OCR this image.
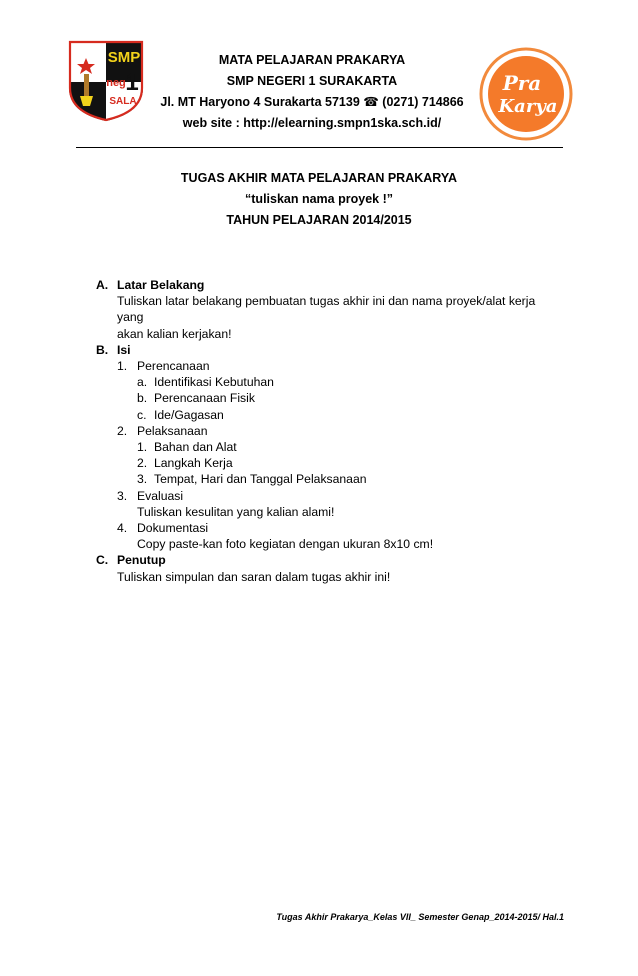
SMP
neg 1
SALA
MATA PELAJARAN PRAKARYA
SMP NEGERI 1 SURAKARTA
Jl. MT Haryono 4 Surakarta 57139 ☎ (0271) 714866
web site : http://elearning.smpn1ska.sch.id/
Pra
Karya
TUGAS AKHIR MATA PELAJARAN PRAKARYA
“tuliskan nama proyek !”
TAHUN PELAJARAN 2014/2015
A. Latar Belakang
Tuliskan latar belakang pembuatan tugas akhir ini dan nama proyek/alat kerja yang
akan kalian kerjakan!
B. Isi
1. Perencanaan
a. Identifikasi Kebutuhan
b. Perencanaan Fisik
c. Ide/Gagasan
2. Pelaksanaan
1. Bahan dan Alat
2. Langkah Kerja
3. Tempat, Hari dan Tanggal Pelaksanaan
3. Evaluasi
Tuliskan kesulitan yang kalian alami!
4. Dokumentasi
Copy paste-kan foto kegiatan dengan ukuran 8x10 cm!
C. Penutup
Tuliskan simpulan dan saran dalam tugas akhir ini!
Tugas Akhir Prakarya_Kelas VII_ Semester Genap_2014-2015/ Hal.1
